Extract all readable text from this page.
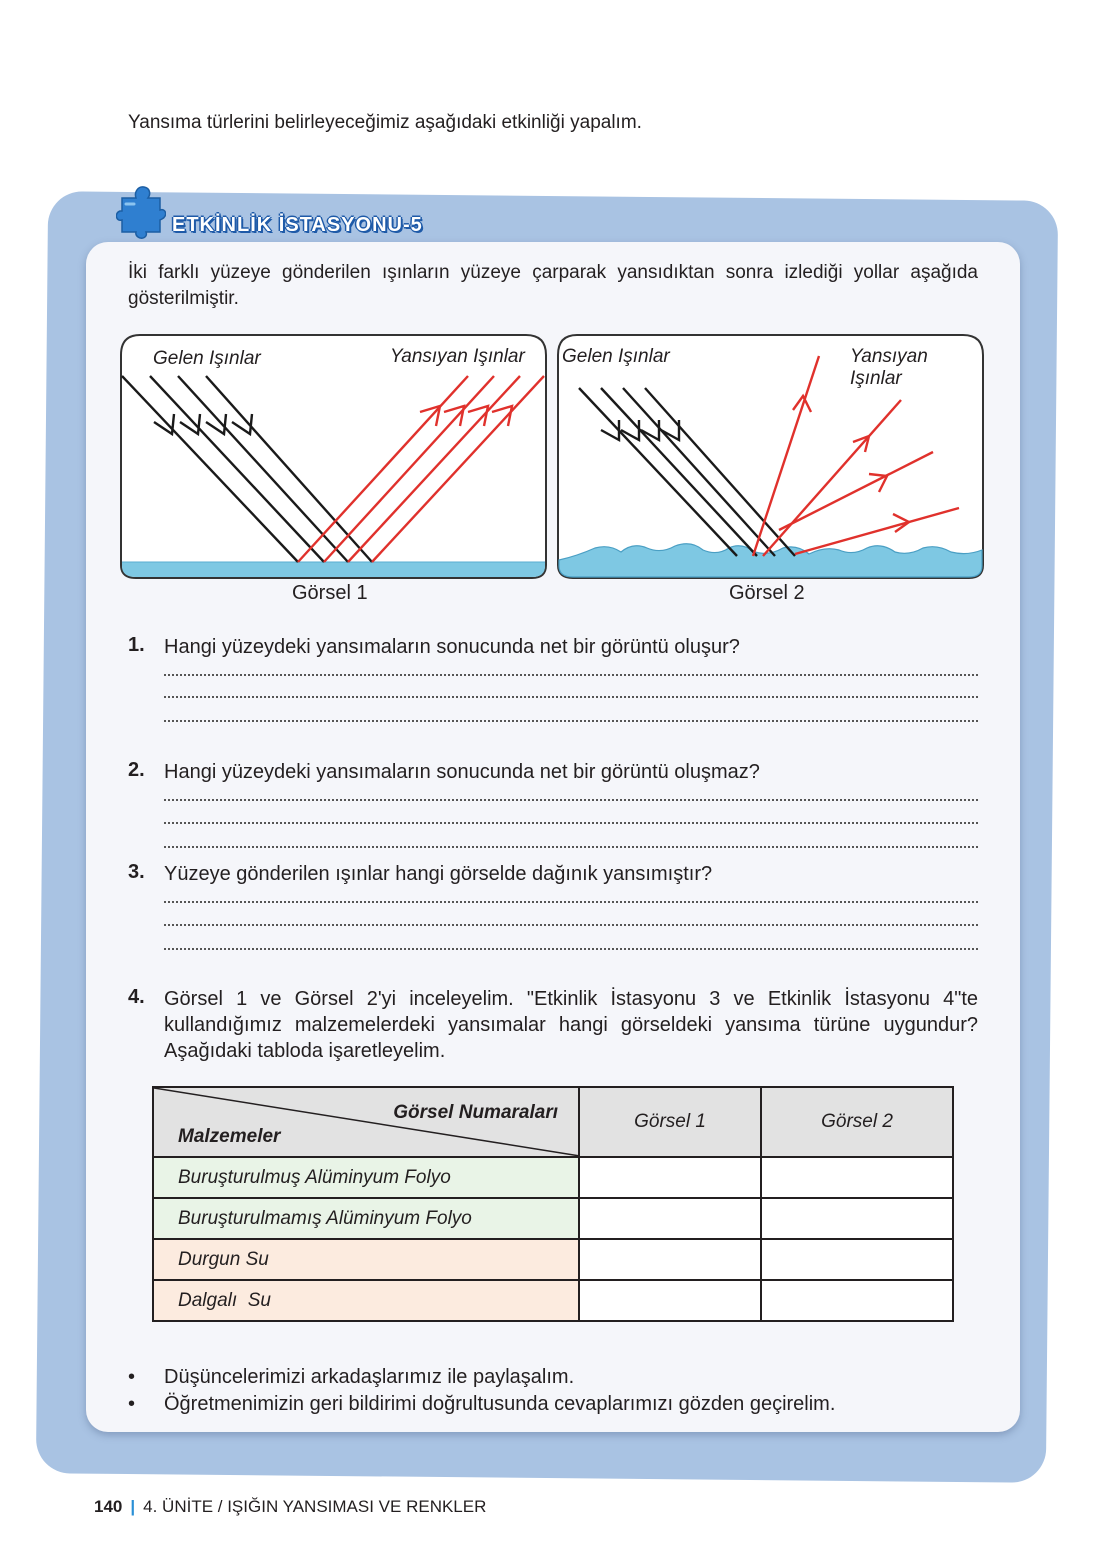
Yansıma türlerini belirleyeceğimiz aşağıdaki etkinliği yapalım.
ETKİNLİK İSTASYONU-5
İki farklı yüzeye gönderilen ışınların yüzeye çarparak yansıdıktan sonra izlediği yollar aşağıda gösterilmiştir.
Gelen Işınlar	Yansıyan Işınlar
Görsel 1
Gelen Işınlar	Yansıyan Işınlar
Görsel 2
1. Hangi yüzeydeki yansımaların sonucunda net bir görüntü oluşur?
2. Hangi yüzeydeki yansımaların sonucunda net bir görüntü oluşmaz?
3. Yüzeye gönderilen ışınlar hangi görselde dağınık yansımıştır?
4. Görsel 1 ve Görsel 2'yi inceleyelim. "Etkinlik İstasyonu 3 ve Etkinlik İstasyonu 4"te kullandığımız malzemelerdeki yansımalar hangi görseldeki yansıma türüne uygundur? Aşağıdaki tabloda işaretleyelim.
Görsel Numaraları
Malzemeler	Görsel 1	Görsel 2
Buruşturulmuş Alüminyum Folyo		
Buruşturulmamış Alüminyum Folyo		
Durgun Su		
Dalgalı  Su		
• Düşüncelerimizi arkadaşlarımız ile paylaşalım.
• Öğretmenimizin geri bildirimi doğrultusunda cevaplarımızı gözden geçirelim.
140 | 4. ÜNİTE / IŞIĞIN YANSIMASI VE RENKLER
